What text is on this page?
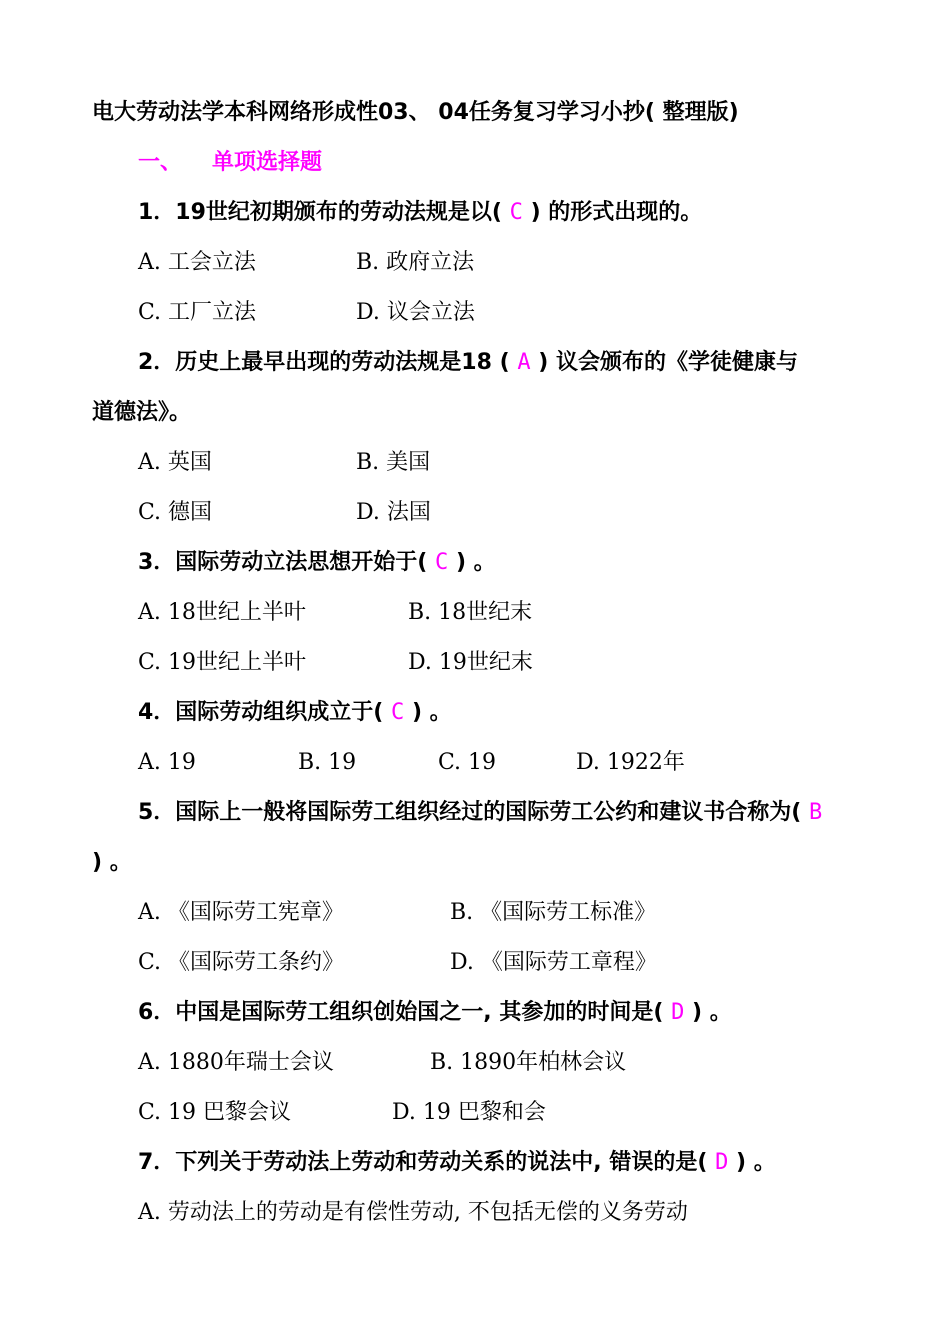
电大劳动法学本科网络形成性03、 04任务复习学习小抄( 整理版)
一、 单项选择题
1．19世纪初期颁布的劳动法规是以( C ) 的形式出现的。
A. 工会立法	B. 政府立法
C. 工厂立法	D. 议会立法
2．历史上最早出现的劳动法规是18 ( A ) 议会颁布的《学徒健康与
道德法》。
A. 英国	B. 美国
C. 德国	D. 法国
3．国际劳动立法思想开始于( C ) 。
A. 18世纪上半叶	B. 18世纪末
C. 19世纪上半叶	D. 19世纪末
4．国际劳动组织成立于( C ) 。
A. 19	B. 19	C. 19	D. 1922年
5．国际上一般将国际劳工组织经过的国际劳工公约和建议书合称为( B
) 。
A. 《国际劳工宪章》	B. 《国际劳工标准》
C. 《国际劳工条约》	D. 《国际劳工章程》
6．中国是国际劳工组织创始国之一, 其参加的时间是( D ) 。
A. 1880年瑞士会议	B. 1890年柏林会议
C. 19 巴黎会议	D. 19 巴黎和会
7．下列关于劳动法上劳动和劳动关系的说法中, 错误的是( D ) 。
A. 劳动法上的劳动是有偿性劳动, 不包括无偿的义务劳动
